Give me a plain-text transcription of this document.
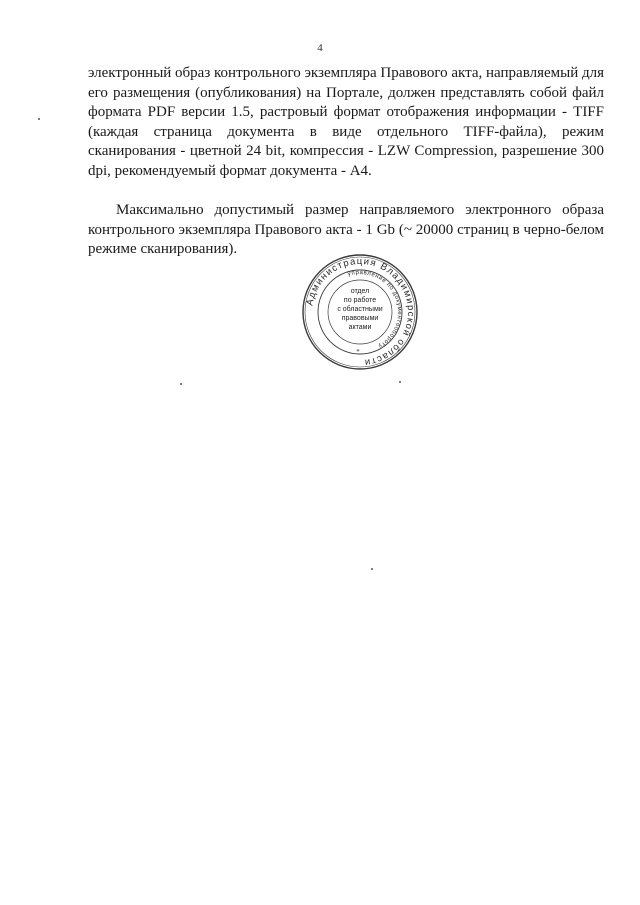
4

электронный образ контрольного экземпляра Правового акта, направляемый для его размещения (опубликования) на Портале, должен представлять собой файл формата PDF версии 1.5, растровый формат отображения информации - TIFF (каждая страница документа в виде отдельного TIFF-файла), режим сканирования - цветной 24 bit, компрессия - LZW Compression, разрешение 300 dpi, рекомендуемый формат документа - А4.

Максимально допустимый размер направляемого электронного образа контрольного экземпляра Правового акта - 1 Gb (~ 20000 страниц в черно-белом режиме сканирования).

Администрация Владимирской области
управление по документообороту
*
отдел
по работе
с областными
правовыми
актами
